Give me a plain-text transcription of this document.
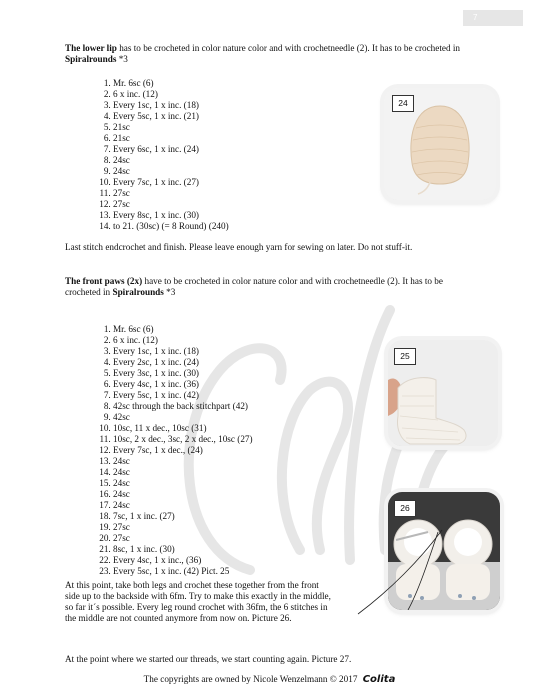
7

The lower lip has to be crocheted in color nature color and with crochetneedle (2). It has to be crocheted in Spiralrounds *3

1. Mr. 6sc (6)
2. 6 x inc. (12)
3. Every 1sc, 1 x inc. (18)
4. Every 5sc, 1 x inc. (21)
5. 21sc
6. 21sc
7. Every 6sc, 1 x inc. (24)
8. 24sc
9. 24sc
10. Every 7sc, 1 x inc. (27)
11. 27sc
12. 27sc
13. Every 8sc, 1 x inc. (30)
14. to 21. (30sc) (= 8 Round) (240)

Last stitch endcrochet and finish. Please leave enough yarn for sewing on later. Do not stuff-it.

24

The front paws (2x) have to be crocheted in color nature color and with crochetneedle (2). It has to be crocheted in Spiralrounds *3

1. Mr. 6sc (6)
2. 6 x inc. (12)
3. Every 1sc, 1 x inc. (18)
4. Every 2sc, 1 x inc. (24)
5. Every 3sc, 1 x inc. (30)
6. Every 4sc, 1 x inc. (36)
7. Every 5sc, 1 x inc. (42)
8. 42sc through the back stitchpart (42)
9. 42sc
10. 10sc, 11 x dec., 10sc (31)
11. 10sc, 2 x dec., 3sc, 2 x dec., 10sc (27)
12. Every 7sc, 1 x dec., (24)
13. 24sc
14. 24sc
15. 24sc
16. 24sc
17. 24sc
18. 7sc, 1 x inc. (27)
19. 27sc
20. 27sc
21. 8sc, 1 x inc. (30)
22. Every 4sc, 1 x inc., (36)
23. Every 5sc, 1 x inc. (42) Pict. 25
At this point, take both legs and crochet these together from the front
side up to the backside with 6fm. Try to make this exactly in the middle,
so far it´s possible. Every leg round crochet with 36fm, the 6 stitches in
the middle are not counted anymore from now on. Picture 26.

At the point where we started our threads, we start counting again. Picture 27.

25
26
The copyrights are owned by Nicole Wenzelmann © 2017 Colita
